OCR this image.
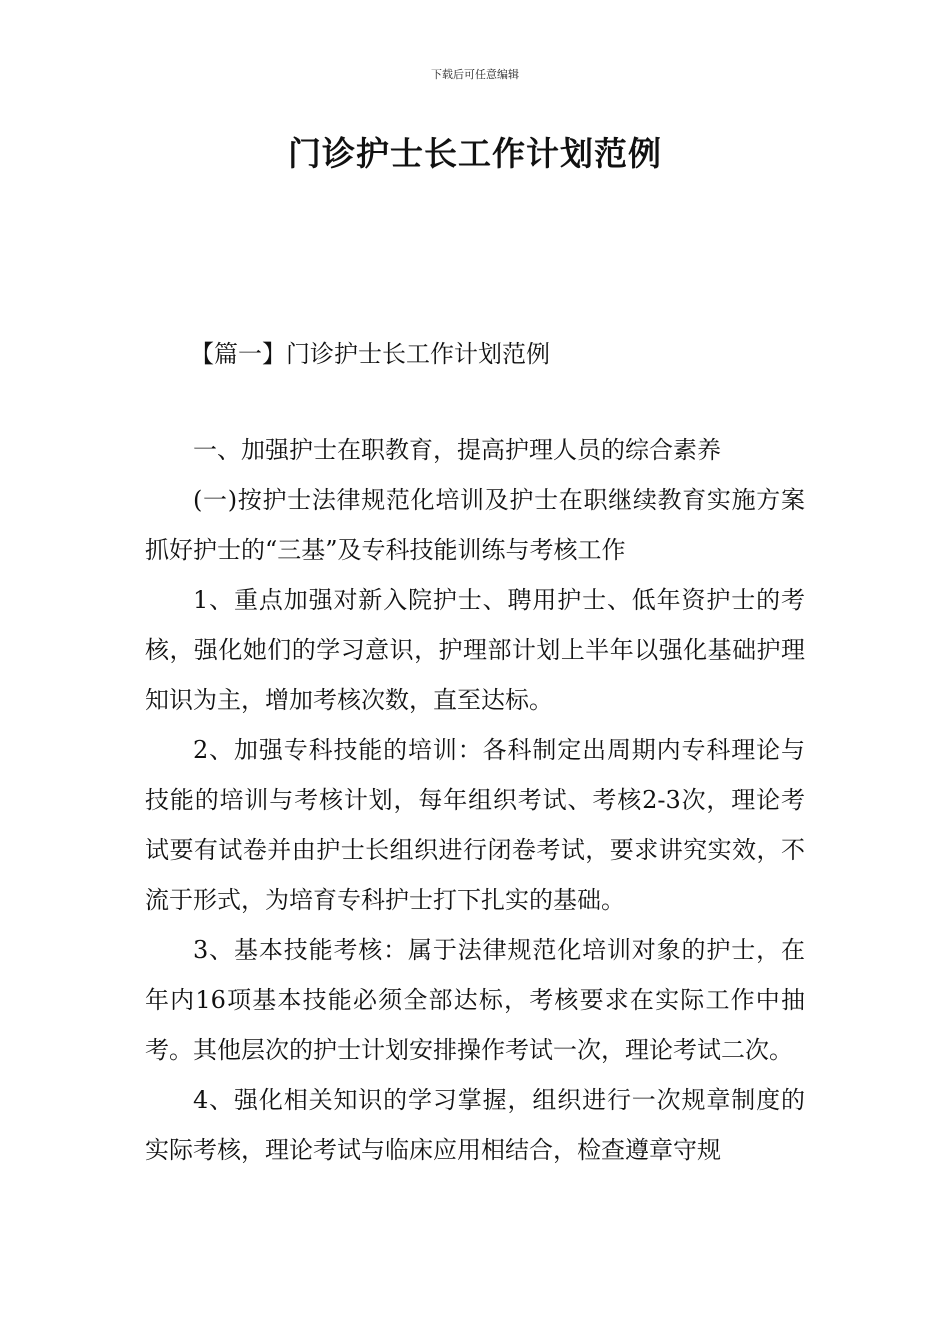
下载后可任意编辑
门诊护士长工作计划范例
【篇一】门诊护士长工作计划范例

一、加强护士在职教育，提高护理人员的综合素养

(一)按护士法律规范化培训及护士在职继续教育实施方案抓好护士的“三基”及专科技能训练与考核工作

1、重点加强对新入院护士、聘用护士、低年资护士的考核，强化她们的学习意识，护理部计划上半年以强化基础护理知识为主，增加考核次数，直至达标。

2、加强专科技能的培训：各科制定出周期内专科理论与技能的培训与考核计划，每年组织考试、考核2-3次，理论考试要有试卷并由护士长组织进行闭卷考试，要求讲究实效，不流于形式，为培育专科护士打下扎实的基础。

3、基本技能考核：属于法律规范化培训对象的护士，在年内16项基本技能必须全部达标，考核要求在实际工作中抽考。其他层次的护士计划安排操作考试一次，理论考试二次。

4、强化相关知识的学习掌握，组织进行一次规章制度的实际考核，理论考试与临床应用相结合，检查遵章守规
